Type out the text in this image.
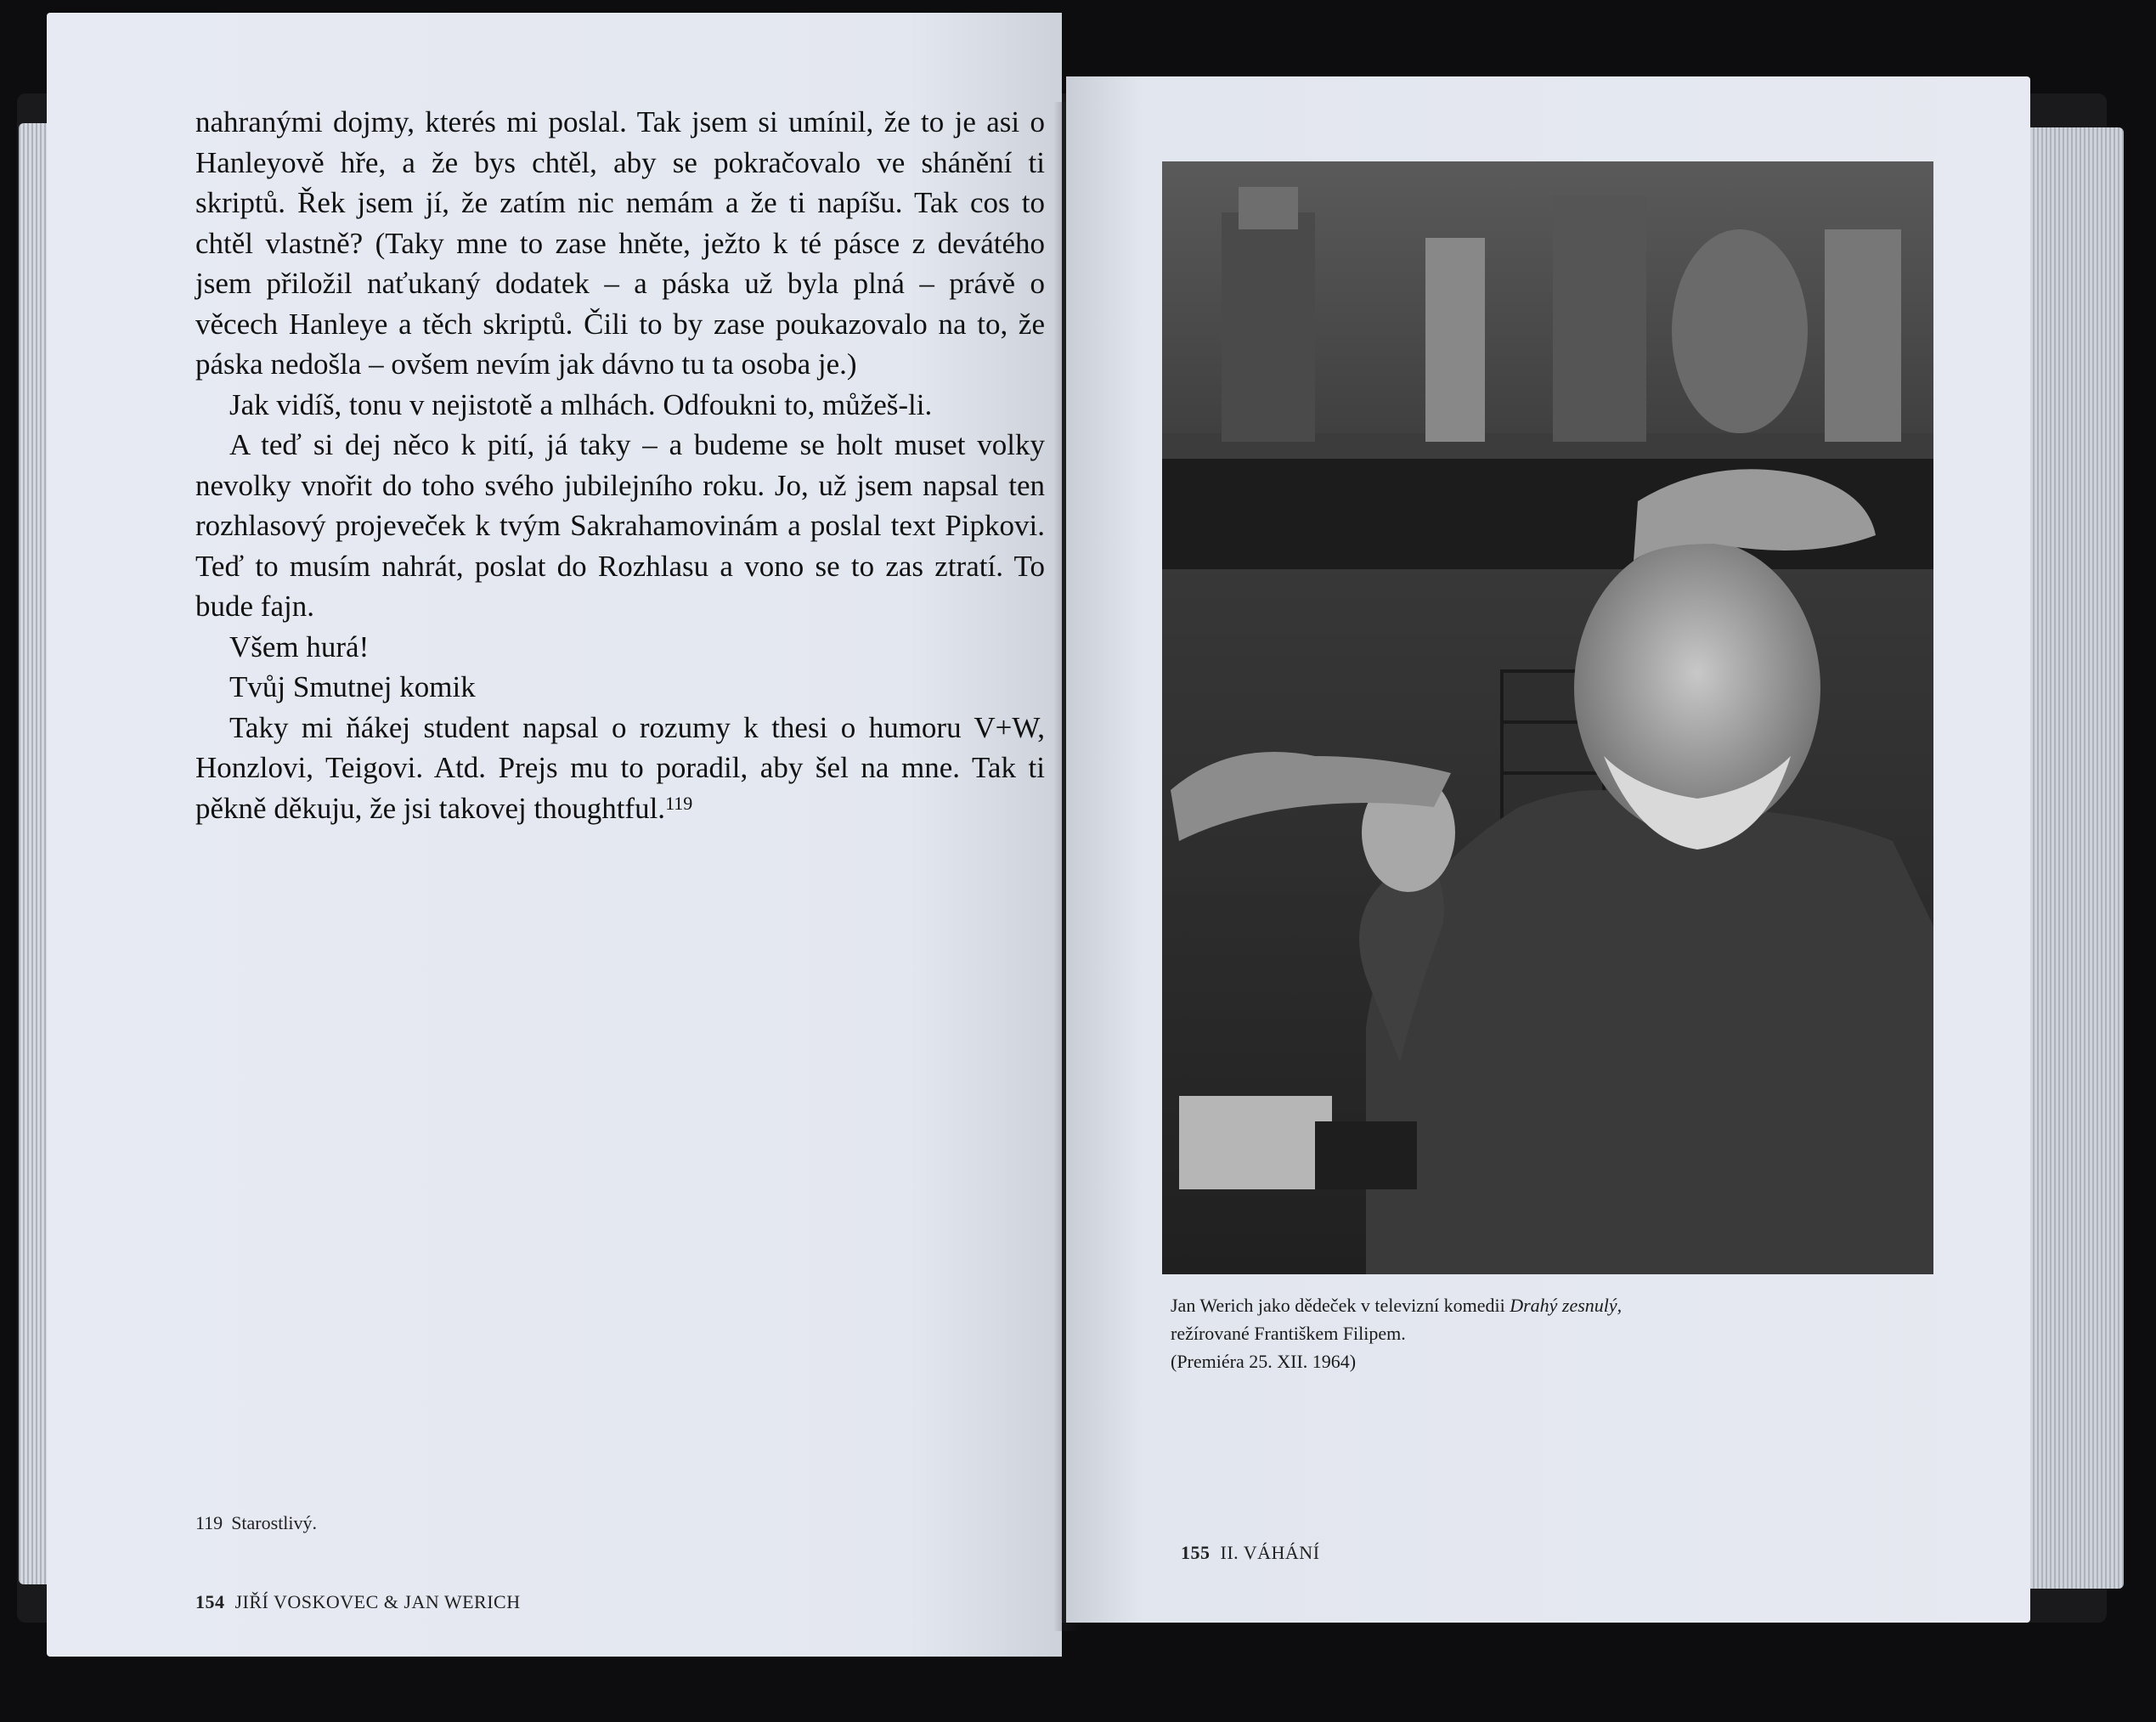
nahranými dojmy, kterés mi poslal. Tak jsem si umínil, že to je asi o Hanleyově hře, a že bys chtěl, aby se pokračovalo ve shánění ti skriptů. Řek jsem jí, že zatím nic nemám a že ti napíšu. Tak cos to chtěl vlastně? (Taky mne to zase hněte, ježto k té pásce z devátého jsem přiložil naťukaný dodatek – a páska už byla plná – právě o věcech Hanleye a těch skriptů. Čili to by zase poukazovalo na to, že páska nedošla – ovšem nevím jak dávno tu ta osoba je.)

Jak vidíš, tonu v nejistotě a mlhách. Odfoukni to, můžeš-li.

A teď si dej něco k pití, já taky – a budeme se holt muset volky nevolky vnořit do toho svého jubilejního roku. Jo, už jsem napsal ten rozhlasový projeveček k tvým Sakrahamovinám a poslal text Pipkovi. Teď to musím nahrát, poslat do Rozhlasu a vono se to zas ztratí. To bude fajn.

Všem hurá!

Tvůj Smutnej komik

Taky mi ňákej student napsal o rozumy k thesi o humoru V+W, Honzlovi, Teigovi. Atd. Prejs mu to poradil, aby šel na mne. Tak ti pěkně děkuju, že jsi takovej thoughtful.$^{119}$

119 Starostlivý.
154 JIŘÍ VOSKOVEC & JAN WERICH
Jan Werich jako dědeček v televizní komedii Drahý zesnulý,
režírované Františkem Filipem.
(Premiéra 25. XII. 1964)
155 II. VÁHÁNÍ
